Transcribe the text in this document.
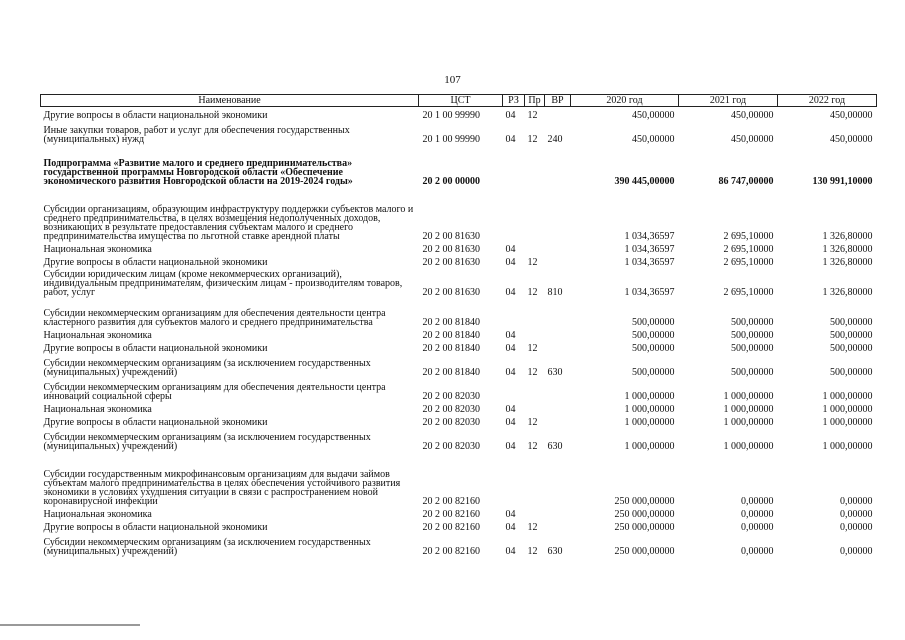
107
Наименование	ЦСТ	РЗ	Пр	ВР	2020 год	2021 год	2022 год
Другие вопросы в области национальной экономики	20 1 00 99990	04	12		450,00000	450,00000	450,00000
Иные закупки товаров, работ и услуг для обеспечения государственных (муниципальных) нужд	20 1 00 99990	04	12	240	450,00000	450,00000	450,00000
Подпрограмма «Развитие малого и среднего предпринимательства» государственной программы Новгородской области «Обеспечение экономического развития Новгородской области на 2019-2024 годы»	20 2 00 00000				390 445,00000	86 747,00000	130 991,10000
Субсидии организациям, образующим инфраструктуру поддержки субъектов малого и среднего предпринимательства, в целях возмещения недополученных доходов, возникающих в результате предоставления субъектам малого и среднего предпринимательства имущества по льготной ставке арендной платы	20 2 00 81630				1 034,36597	2 695,10000	1 326,80000
Национальная экономика	20 2 00 81630	04			1 034,36597	2 695,10000	1 326,80000
Другие вопросы в области национальной экономики	20 2 00 81630	04	12		1 034,36597	2 695,10000	1 326,80000
Субсидии юридическим лицам (кроме некоммерческих организаций), индивидуальным предпринимателям, физическим лицам - производителям товаров, работ, услуг	20 2 00 81630	04	12	810	1 034,36597	2 695,10000	1 326,80000
Субсидии некоммерческим организациям для обеспечения деятельности центра кластерного развития для субъектов малого и среднего предпринимательства	20 2 00 81840				500,00000	500,00000	500,00000
Национальная экономика	20 2 00 81840	04			500,00000	500,00000	500,00000
Другие вопросы в области национальной экономики	20 2 00 81840	04	12		500,00000	500,00000	500,00000
Субсидии некоммерческим организациям (за исключением государственных (муниципальных) учреждений)	20 2 00 81840	04	12	630	500,00000	500,00000	500,00000
Субсидии некоммерческим организациям для обеспечения деятельности центра инноваций социальной сферы	20 2 00 82030				1 000,00000	1 000,00000	1 000,00000
Национальная экономика	20 2 00 82030	04			1 000,00000	1 000,00000	1 000,00000
Другие вопросы в области национальной экономики	20 2 00 82030	04	12		1 000,00000	1 000,00000	1 000,00000
Субсидии некоммерческим организациям (за исключением государственных (муниципальных) учреждений)	20 2 00 82030	04	12	630	1 000,00000	1 000,00000	1 000,00000
Субсидии государственным микрофинансовым организациям для выдачи займов субъектам малого предпринимательства в целях обеспечения устойчивого развития экономики в условиях ухудшения ситуации в связи с распространением новой коронавирусной инфекции	20 2 00 82160				250 000,00000	0,00000	0,00000
Национальная экономика	20 2 00 82160	04			250 000,00000	0,00000	0,00000
Другие вопросы в области национальной экономики	20 2 00 82160	04	12		250 000,00000	0,00000	0,00000
Субсидии некоммерческим организациям (за исключением государственных (муниципальных) учреждений)	20 2 00 82160	04	12	630	250 000,00000	0,00000	0,00000
